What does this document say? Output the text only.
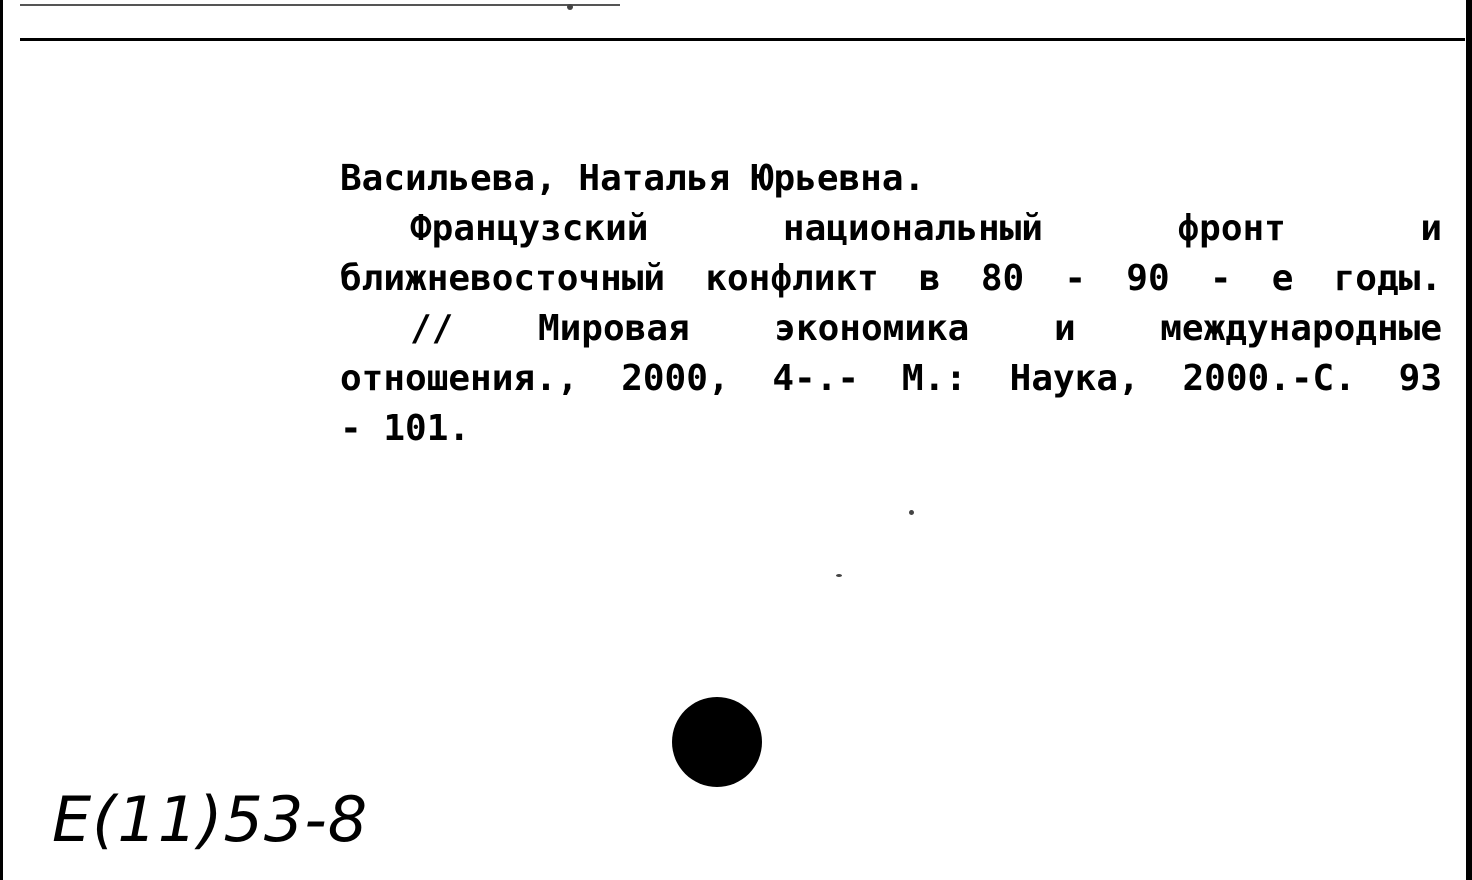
Васильева, Наталья Юрьевна.
Французский национальный фронт и
ближневосточный конфликт в 80 - 90 - е годы.
// Мировая экономика и международные
отношения., 2000, 4-.- М.: Наука, 2000.-С. 93
- 101.
E(11)53-8
